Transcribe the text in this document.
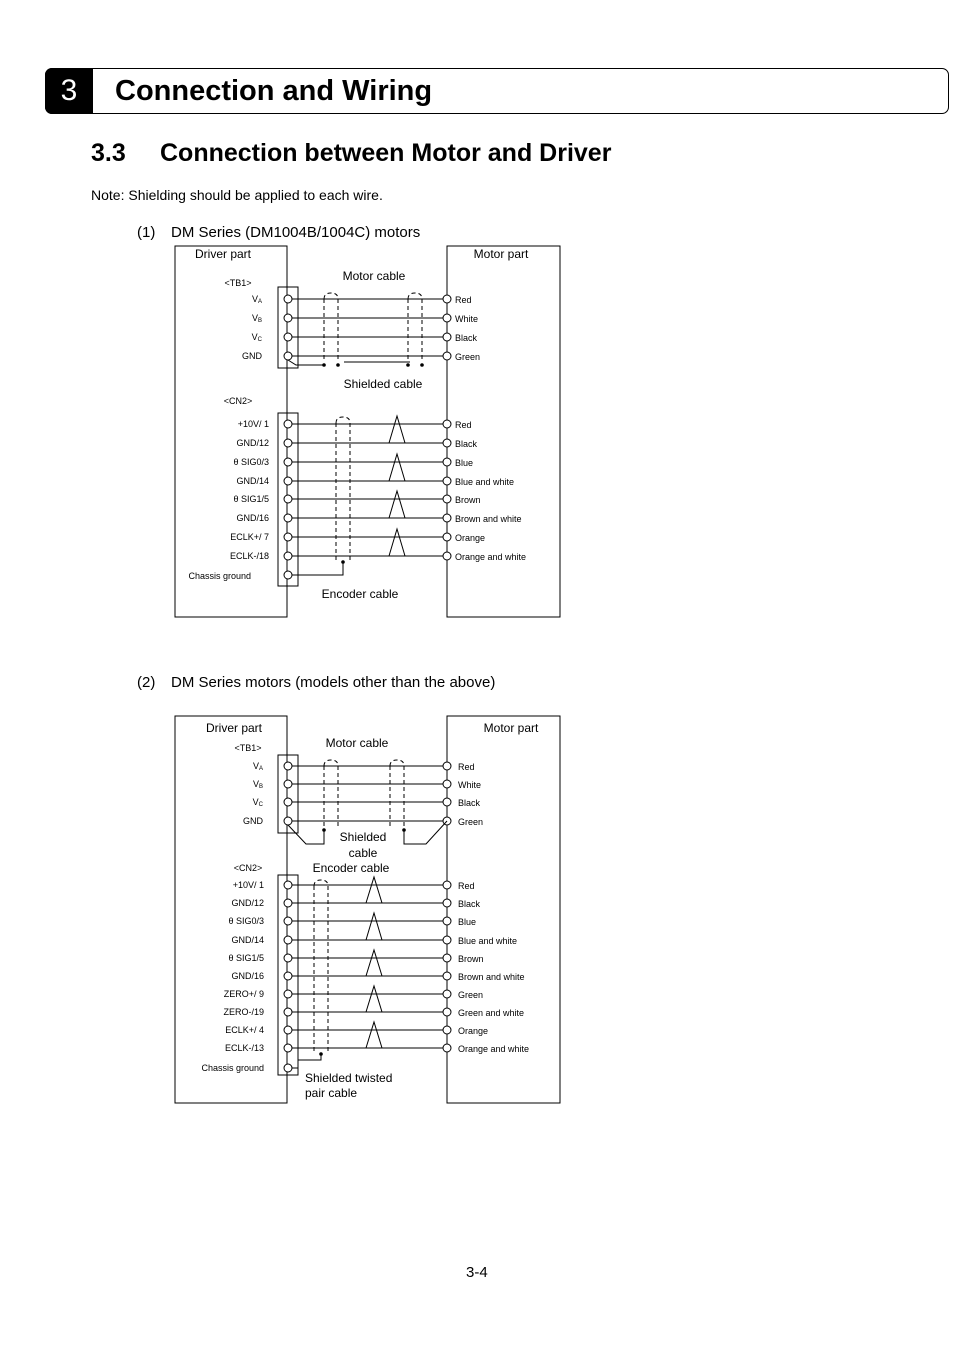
3	Connection and Wiring
3.3 Connection between Motor and Driver
Note: Shielding should be applied to each wire.
(1) DM Series (DM1004B/1004C) motors
(2) DM Series motors (models other than the above)
Driver part	Motor part
<TB1>
<CN2>
Motor cable
Shielded cable
Encoder cable
VA	Red
VB	White
VC	Black
GND	Green
+10V/ 1	Red
GND/12	Black
θ SIG0/3	Blue
GND/14	Blue and white
θ SIG1/5	Brown
GND/16	Brown and white
ECLK+/ 7	Orange
ECLK-/18	Orange and white
Chassis ground
Driver part	Motor part
<TB1>
<CN2>
Motor cable
Shielded
cable
Encoder cable
Shielded twisted
pair cable
VA	Red
VB	White
VC	Black
GND	Green
+10V/ 1	Red
GND/12	Black
θ SIG0/3	Blue
GND/14	Blue and white
θ SIG1/5	Brown
GND/16	Brown and white
ZERO+/ 9	Green
ZERO-/19	Green and white
ECLK+/ 4	Orange
ECLK-/13	Orange and white
Chassis ground
3-4
